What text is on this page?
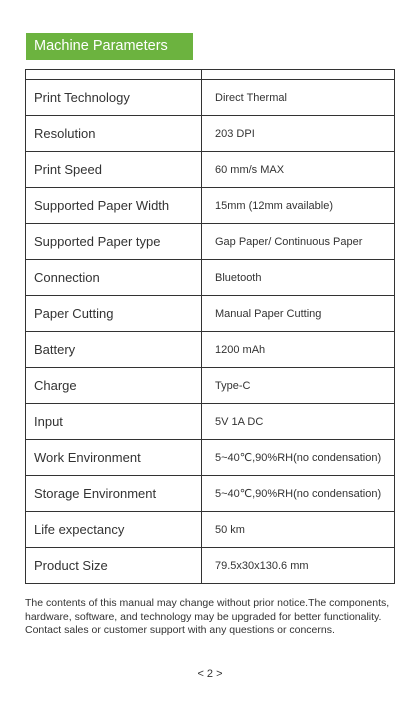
Machine Parameters

Print Technology	Direct Thermal
Resolution	203 DPI
Print Speed	60 mm/s MAX
Supported Paper Width	15mm (12mm available)
Supported Paper type	Gap Paper/ Continuous Paper
Connection	Bluetooth
Paper Cutting	Manual Paper Cutting
Battery	1200 mAh
Charge	Type-C
Input	5V 1A DC
Work Environment	5~40℃,90%RH(no condensation)
Storage Environment	5~40℃,90%RH(no condensation)
Life expectancy	50 km
Product Size	79.5x30x130.6 mm
The contents of this manual may change without prior notice.The components, hardware, software, and technology may be upgraded for better functionality. Contact sales or customer support with any questions or concerns.
< 2 >
